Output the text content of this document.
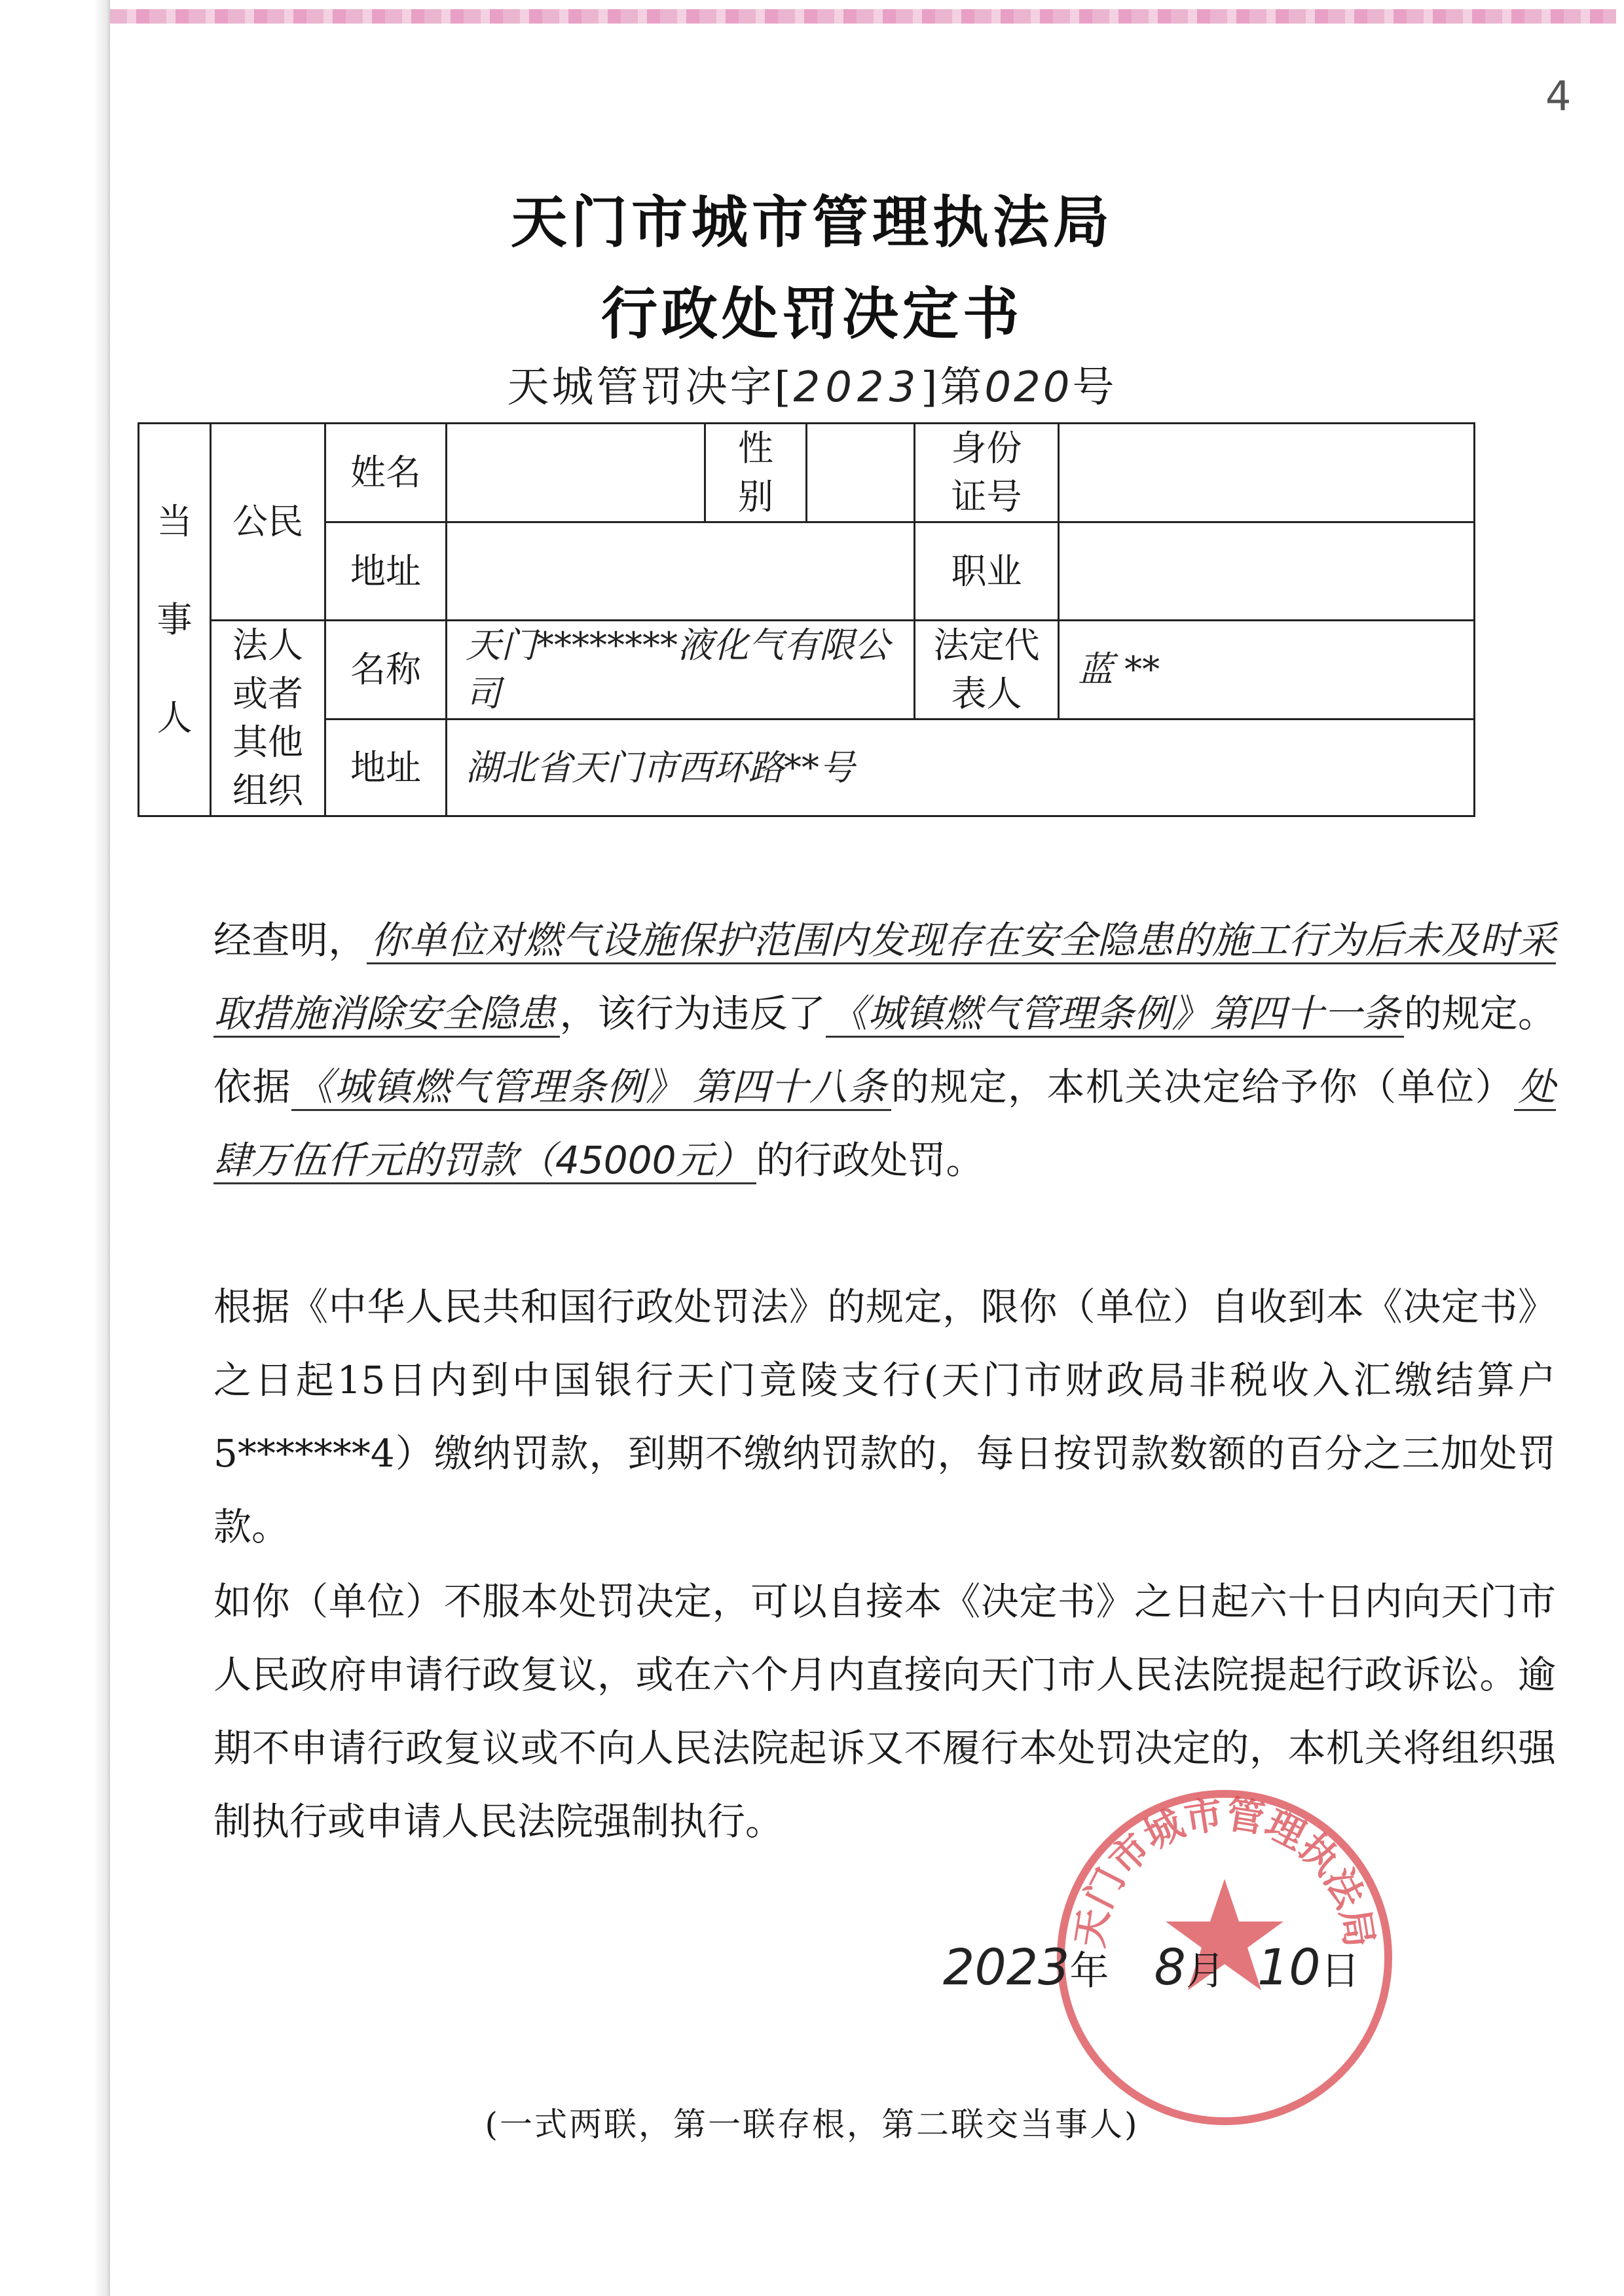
4
天门市城市管理执法局
行政处罚决定书
天城管罚决字[2023]第020号
当事人	公民	姓名		性别		身份证号	

		地址				职业	

	法人或者其他组织	名称	天门********液化气有限公司			法定代表人	蓝 **
		地址	湖北省天门市西环路**号				
经查明， 你单位对燃气设施保护范围内发现存在安全隐患的施工行为后未及时采取措施消除安全隐患 ，该行为违反了 《城镇燃气管理条例》第四十一条 的规定。依据 《城镇燃气管理条例》 第四十八条 的规定，本机关决定给予你（单位） 处肆万伍仟元的罚款（45000元） 的行政处罚。
根据《中华人民共和国行政处罚法》的规定，限你（单位）自收到本《决定书》之日起15日内到中国银行天门竟陵支行(天门市财政局非税收入汇缴结算户5*******4）缴纳罚款，到期不缴纳罚款的，每日按罚款数额的百分之三加处罚款。
如你（单位）不服本处罚决定，可以自接本《决定书》之日起六十日内向天门市人民政府申请行政复议，或在六个月内直接向天门市人民法院提起行政诉讼。逾期不申请行政复议或不向人民法院起诉又不履行本处罚决定的，本机关将组织强制执行或申请人民法院强制执行。
天门市城市管理执法局
2023年 8月 10日
(一式两联，第一联存根，第二联交当事人)
